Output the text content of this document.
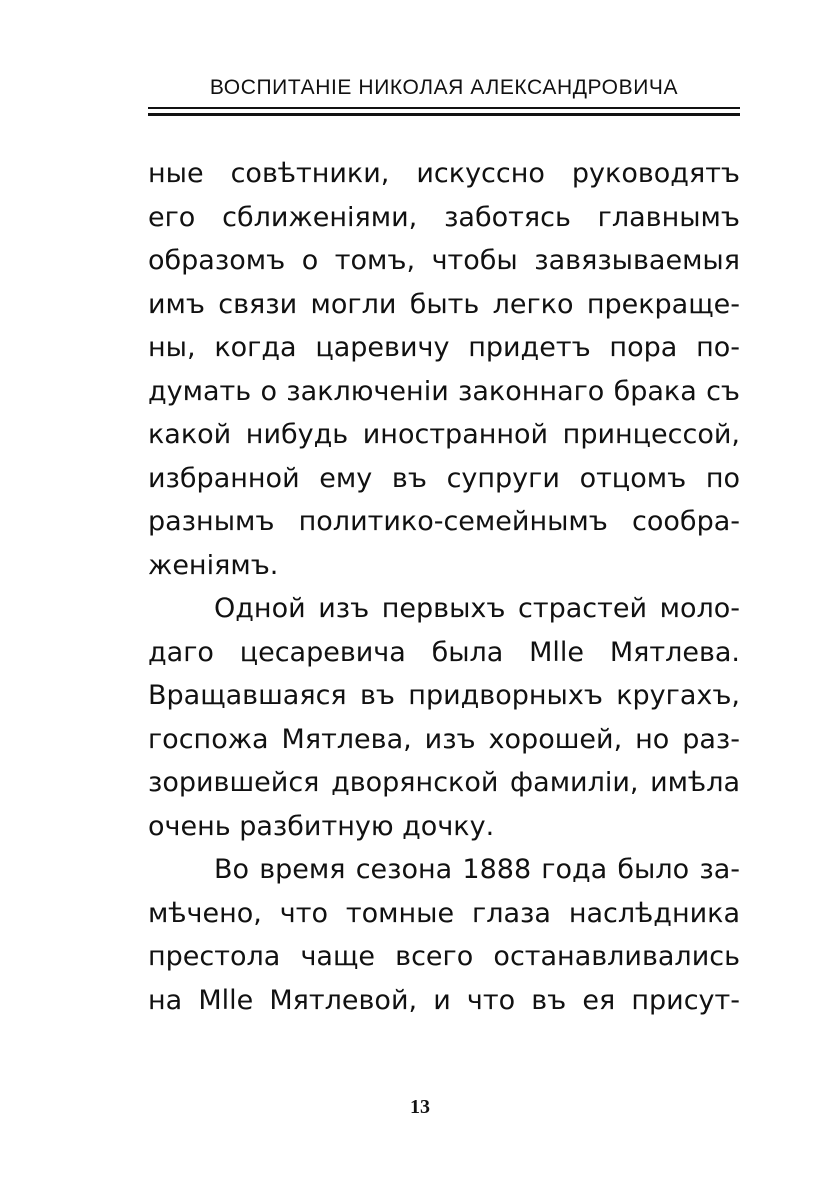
ВОСПИТАНІЕ НИКОЛАЯ АЛЕКСАНДРОВИЧА
ные совѣтники, искуссно руководятъ
его сближеніями, заботясь главнымъ
образомъ о томъ, чтобы завязываемыя
имъ связи могли быть легко прекраще-
ны, когда царевичу придетъ пора по-
думать о заключеніи законнаго брака съ
какой нибудь иностранной принцессой,
избранной ему въ супруги отцомъ по
разнымъ политико-семейнымъ сообра-
женіямъ.
Одной изъ первыхъ страстей моло-
даго цесаревича была Mlle Мятлева.
Вращавшаяся въ придворныхъ кругахъ,
госпожа Мятлева, изъ хорошей, но раз-
зорившейся дворянской фамиліи, имѣла
очень разбитную дочку.
Во время сезона 1888 года было за-
мѣчено, что томные глаза наслѣдника
престола чаще всего останавливались
на Mlle Мятлевой, и что въ ея присут-
13
